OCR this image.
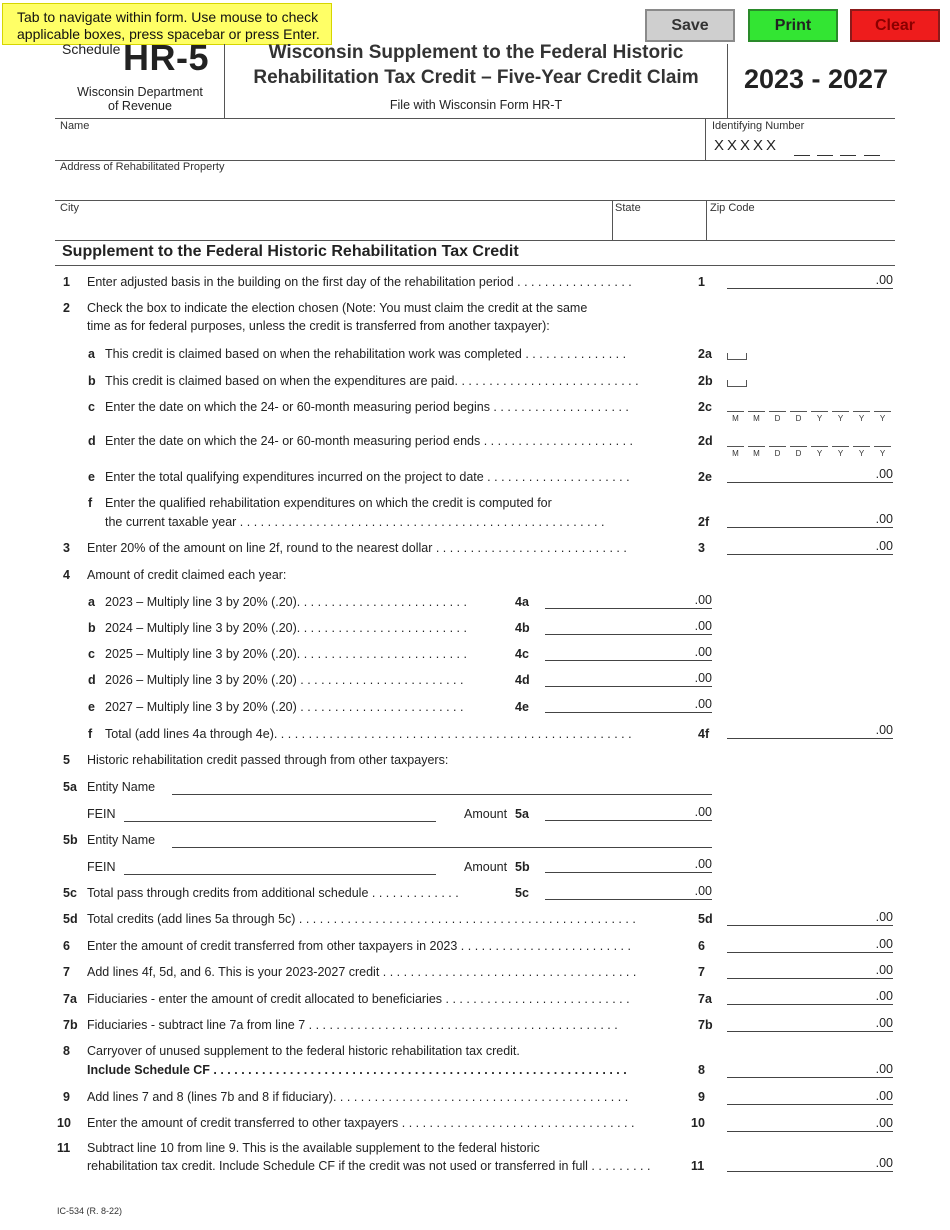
Tab to navigate within form. Use mouse to check applicable boxes, press spacebar or press Enter.	Save	Print	Clear
Schedule HR-5
Wisconsin Department
of Revenue
Wisconsin Supplement to the Federal Historic
Rehabilitation Tax Credit – Five-Year Credit Claim
File with Wisconsin Form HR-T
2023 - 2027
Name	Identifying Number
XXXXX
Address of Rehabilitated Property
City	State	Zip Code
Supplement to the Federal Historic Rehabilitation Tax Credit
1 Enter adjusted basis in the building on the first day of the rehabilitation period . . . . . . . . . . . . . . . . .	1	.00
2 Check the box to indicate the election chosen (Note: You must claim the credit at the same
time as for federal purposes, unless the credit is transferred from another taxpayer):
a This credit is claimed based on when the rehabilitation work was completed . . . . . . . . . . . . . . .	2a
b This credit is claimed based on when the expenditures are paid. . . . . . . . . . . . . . . . . . . . . . . . . . .	2b
c Enter the date on which the 24- or 60-month measuring period begins . . . . . . . . . . . . . . . . . . . .	2c
M	M	D	D	Y	Y	Y	Y
d Enter the date on which the 24- or 60-month measuring period ends . . . . . . . . . . . . . . . . . . . . . .	2d
M	M	D	D	Y	Y	Y	Y
e Enter the total qualifying expenditures incurred on the project to date . . . . . . . . . . . . . . . . . . . . .	2e	.00
f Enter the qualified rehabilitation expenditures on which the credit is computed for
the current taxable year . . . . . . . . . . . . . . . . . . . . . . . . . . . . . . . . . . . . . . . . . . . . . . . . . . . . .	2f	.00
3 Enter 20% of the amount on line 2f, round to the nearest dollar . . . . . . . . . . . . . . . . . . . . . . . . . . . .	3	.00
4 Amount of credit claimed each year:
a 2023 – Multiply line 3 by 20% (.20). . . . . . . . . . . . . . . . . . . . . . . . .	4a	.00
b 2024 – Multiply line 3 by 20% (.20). . . . . . . . . . . . . . . . . . . . . . . . .	4b	.00
c 2025 – Multiply line 3 by 20% (.20). . . . . . . . . . . . . . . . . . . . . . . . .	4c	.00
d 2026 – Multiply line 3 by 20% (.20) . . . . . . . . . . . . . . . . . . . . . . . .	4d	.00
e 2027 – Multiply line 3 by 20% (.20) . . . . . . . . . . . . . . . . . . . . . . . .	4e	.00
f Total (add lines 4a through 4e). . . . . . . . . . . . . . . . . . . . . . . . . . . . . . . . . . . . . . . . . . . . . . . . . . . .	4f	.00
5 Historic rehabilitation credit passed through from other taxpayers:
5a Entity Name
FEIN	Amount 5a	.00
5b Entity Name
FEIN	Amount 5b	.00
5c Total pass through credits from additional schedule . . . . . . . . . . . . .	5c	.00
5d Total credits (add lines 5a through 5c) . . . . . . . . . . . . . . . . . . . . . . . . . . . . . . . . . . . . . . . . . . . . . . . . .	5d	.00
6 Enter the amount of credit transferred from other taxpayers in 2023 . . . . . . . . . . . . . . . . . . . . . . . . .	6	.00
7 Add lines 4f, 5d, and 6. This is your 2023-2027 credit . . . . . . . . . . . . . . . . . . . . . . . . . . . . . . . . . . . . .	7	.00
7a Fiduciaries - enter the amount of credit allocated to beneficiaries . . . . . . . . . . . . . . . . . . . . . . . . . . .	7a	.00
7b Fiduciaries - subtract line 7a from line 7 . . . . . . . . . . . . . . . . . . . . . . . . . . . . . . . . . . . . . . . . . . . . .	7b	.00
8 Carryover of unused supplement to the federal historic rehabilitation tax credit.
Include Schedule CF . . . . . . . . . . . . . . . . . . . . . . . . . . . . . . . . . . . . . . . . . . . . . . . . . . . . . . . . . . . .	8	.00
9 Add lines 7 and 8 (lines 7b and 8 if fiduciary). . . . . . . . . . . . . . . . . . . . . . . . . . . . . . . . . . . . . . . . . . .	9	.00
10 Enter the amount of credit transferred to other taxpayers . . . . . . . . . . . . . . . . . . . . . . . . . . . . . . . . . .	10	.00
11 Subtract line 10 from line 9. This is the available supplement to the federal historic
rehabilitation tax credit. Include Schedule CF if the credit was not used or transferred in full . . . . . . . . .	11	.00
IC-534 (R. 8-22)
